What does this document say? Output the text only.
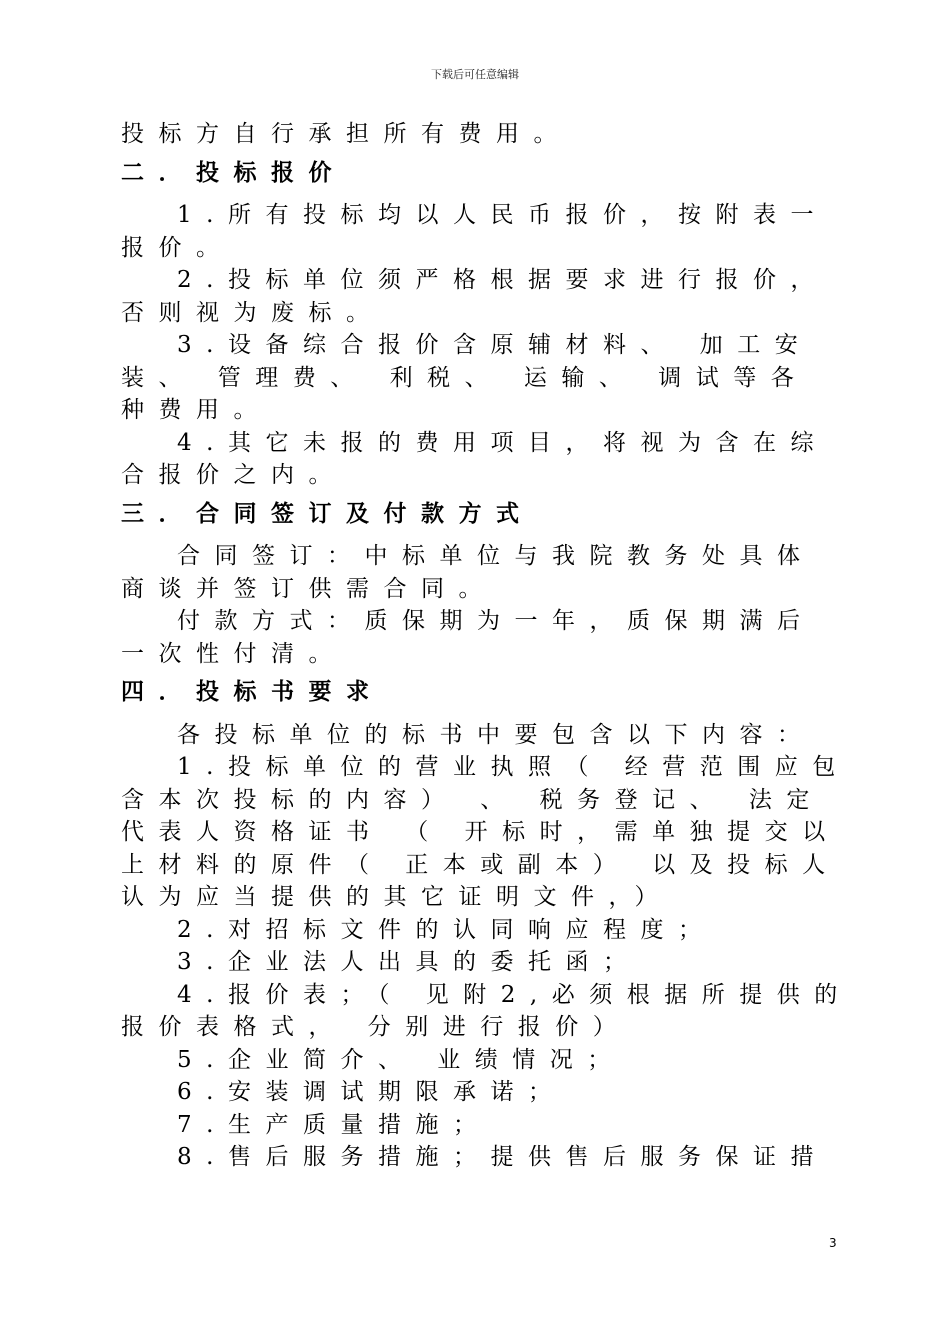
下载后可任意编辑
投标方自行承担所有费用。
二．投标报价
1.所有投标均以人民币报价，按附表一
报价。
2.投标单位须严格根据要求进行报价，
否则视为废标。
3.设备综合报价含原辅材料、 加工安
装、 管理费、 利税、 运输、 调试等各
种费用。
4.其它未报的费用项目，将视为含在综
合报价之内。
三．合同签订及付款方式
合同签订：中标单位与我院教务处具体
商谈并签订供需合同。
付款方式：质保期为一年，质保期满后
一次性付清。
四．投标书要求
各投标单位的标书中要包含以下内容：
1.投标单位的营业执照（ 经营范围应包
含本次投标的内容） 、 税务登记、 法定
代表人资格证书 （ 开标时，需单独提交以
上材料的原件（ 正本或副本） 以及投标人
认为应当提供的其它证明文件，）
2.对招标文件的认同响应程度；
3.企业法人出具的委托函；
4.报价表；（ 见附2,必须根据所提供的
报价表格式， 分别进行报价）
5.企业简介、 业绩情况；
6.安装调试期限承诺；
7.生产质量措施；
8.售后服务措施；提供售后服务保证措
3
